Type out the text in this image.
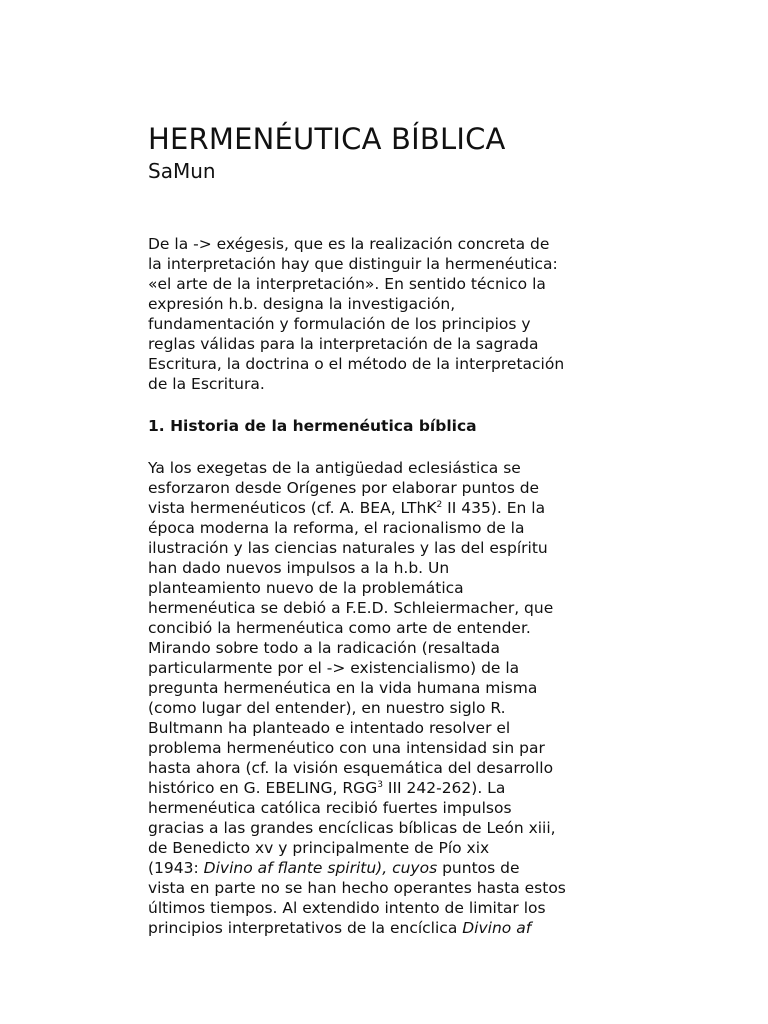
HERMENÉUTICA BÍBLICA
SaMun
De la -> exégesis, que es la realización concreta de
la interpretación hay que distinguir la hermenéutica:
«el arte de la interpretación». En sentido técnico la
expresión h.b. designa la investigación,
fundamentación y formulación de los principios y
reglas válidas para la interpretación de la sagrada
Escritura, la doctrina o el método de la interpretación
de la Escritura.
1. Historia de la hermenéutica bíblica
Ya los exegetas de la antigüedad eclesiástica se
esforzaron desde Orígenes por elaborar puntos de
vista hermenéuticos (cf. A. BEA, LThK$^2$ II 435). En la
época moderna la reforma, el racionalismo de la
ilustración y las ciencias naturales y las del espíritu
han dado nuevos impulsos a la h.b. Un
planteamiento nuevo de la problemática
hermenéutica se debió a F.E.D. Schleiermacher, que
concibió la hermenéutica como arte de entender.
Mirando sobre todo a la radicación (resaltada
particularmente por el -> existencialismo) de la
pregunta hermenéutica en la vida humana misma
(como lugar del entender), en nuestro siglo R.
Bultmann ha planteado e intentado resolver el
problema hermenéutico con una intensidad sin par
hasta ahora (cf. la visión esquemática del desarrollo
histórico en G. EBELING, RGG$^3$ III 242-262). La
hermenéutica católica recibió fuertes impulsos
gracias a las grandes encíclicas bíblicas de León xiii,
de Benedicto xv y principalmente de Pío xix
(1943: Divino af flante spiritu), cuyos puntos de
vista en parte no se han hecho operantes hasta estos
últimos tiempos. Al extendido intento de limitar los
principios interpretativos de la encíclica Divino af
